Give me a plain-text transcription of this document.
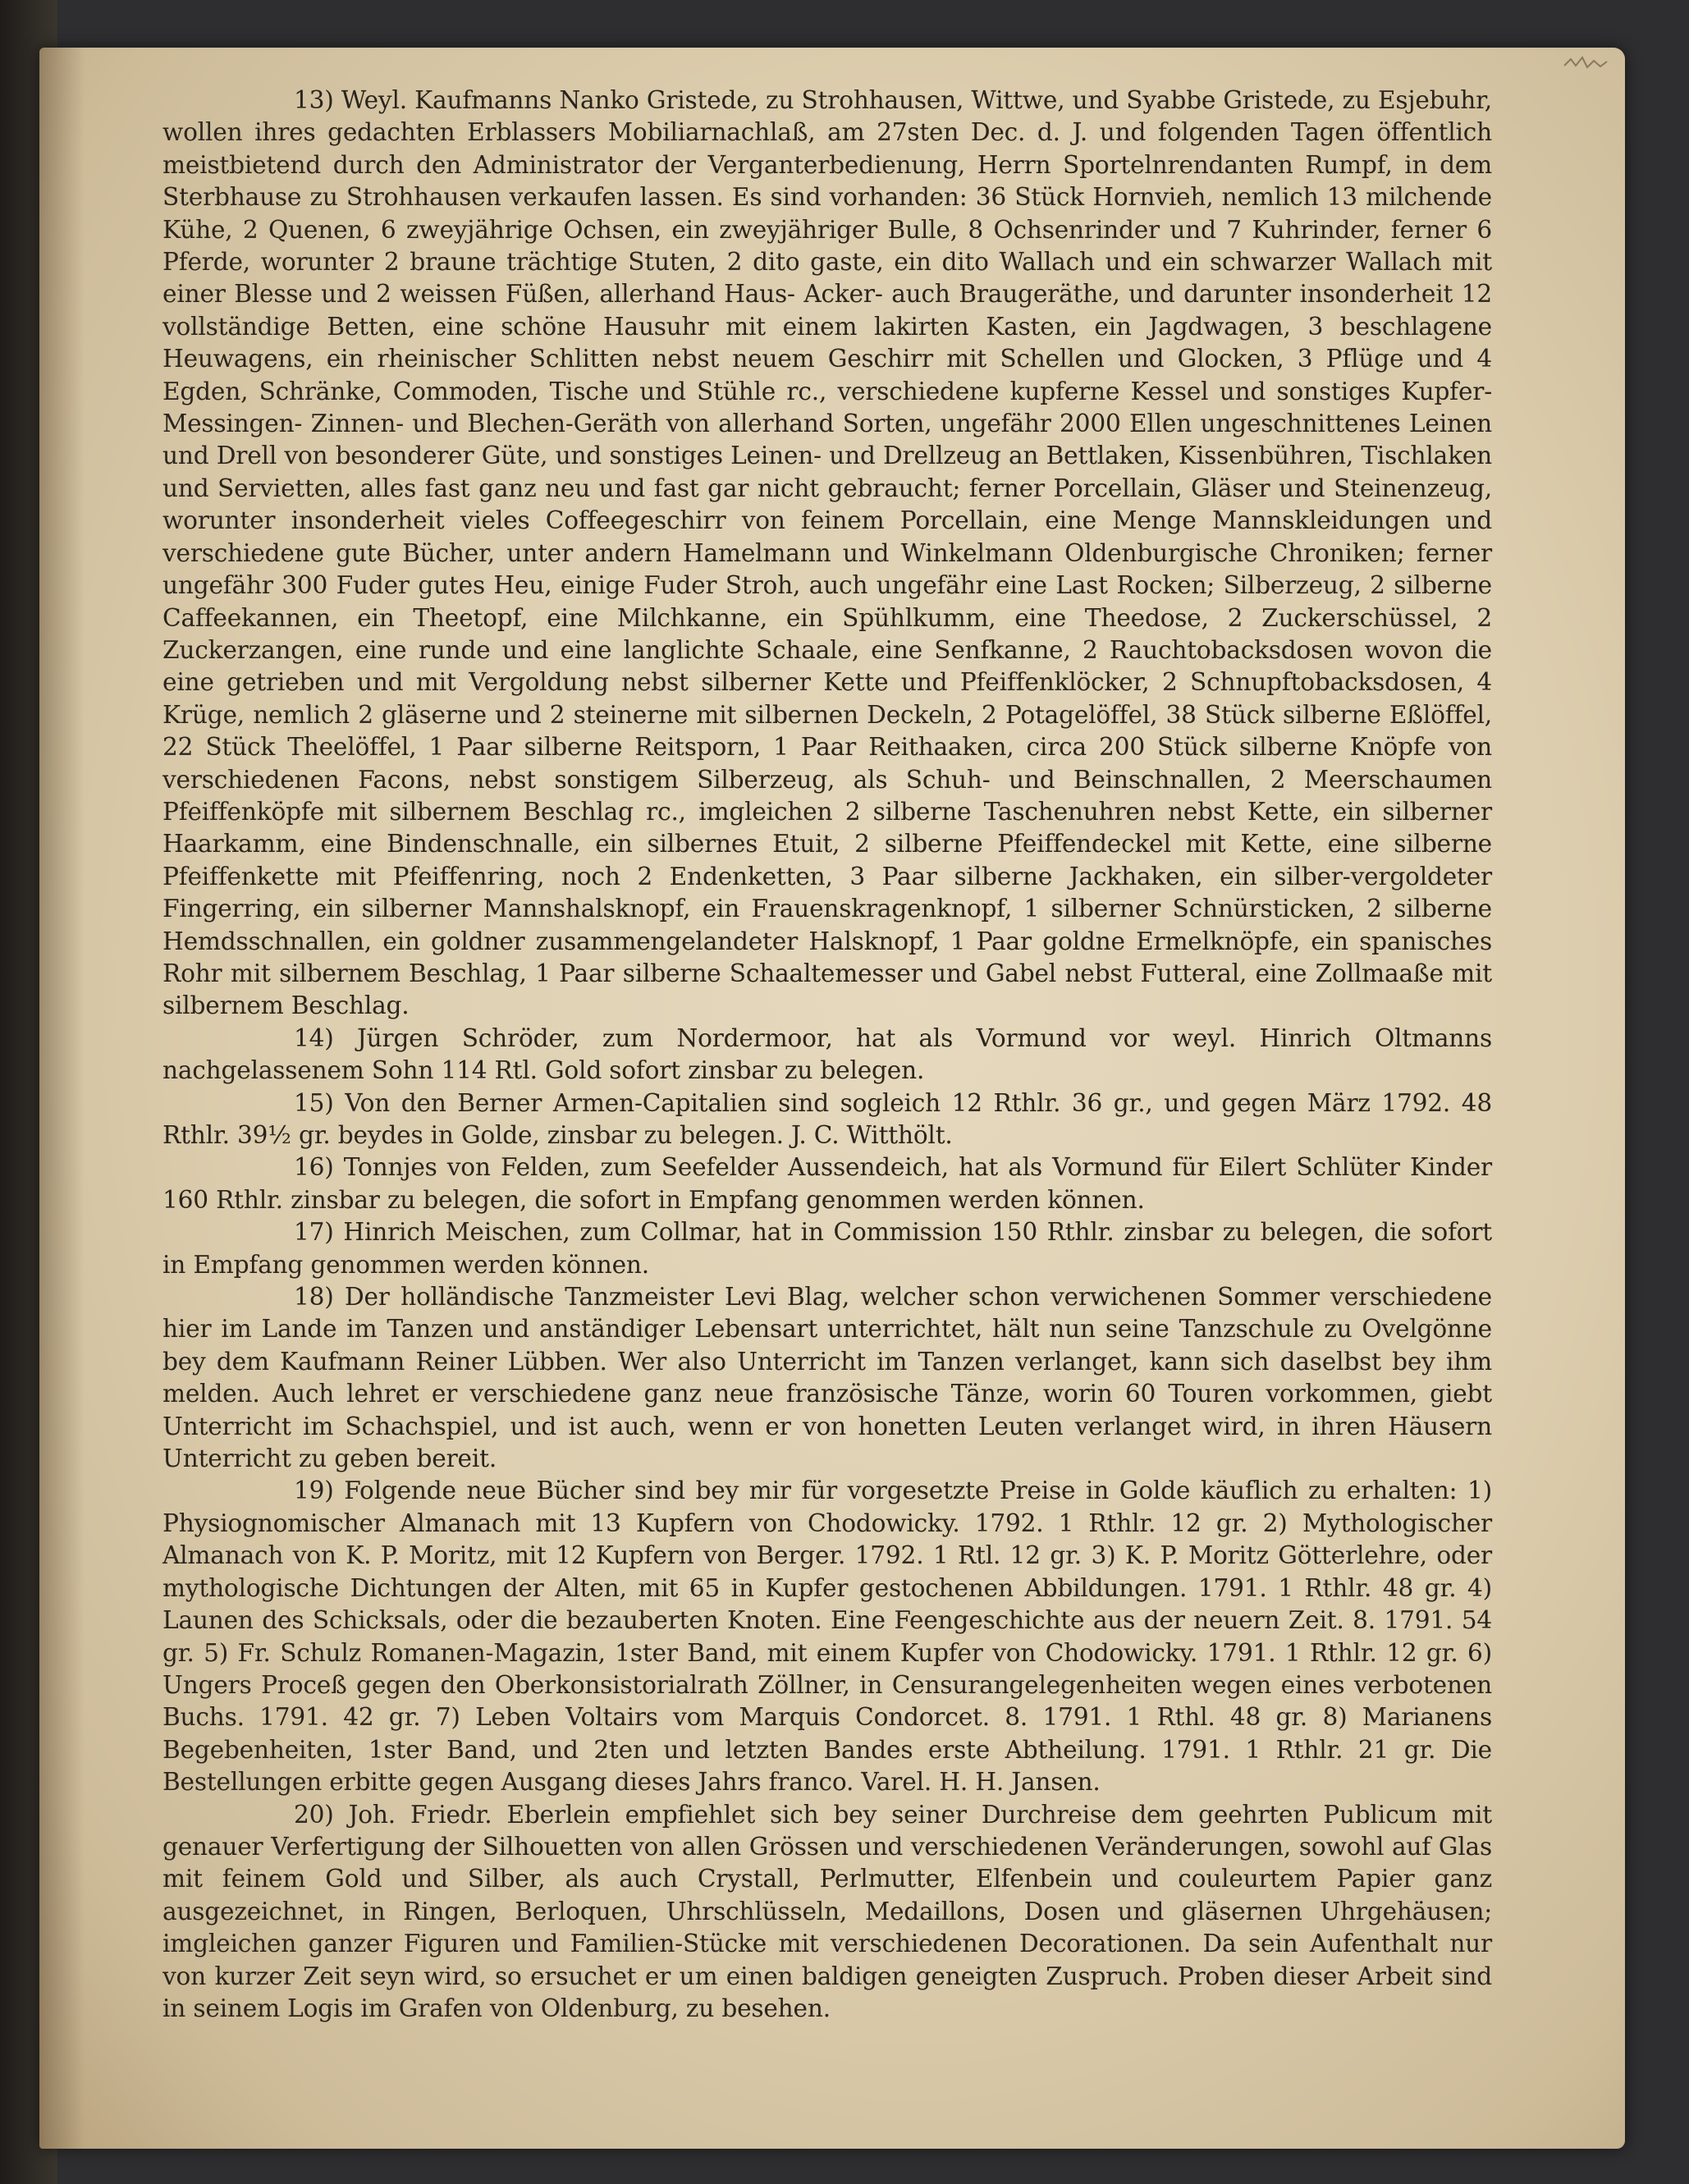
13) Weyl. Kaufmanns Nanko Gristede, zu Strohhausen, Wittwe, und Syabbe Gristede, zu Esjebuhr, wollen ihres gedachten Erblassers Mobiliarnachlaß, am 27sten Dec. d. J. und folgenden Tagen öffentlich meistbietend durch den Administrator der Verganterbedienung, Herrn Sportelnrendanten Rumpf, in dem Sterbhause zu Strohhausen verkaufen lassen. Es sind vorhanden: 36 Stück Hornvieh, nemlich 13 milchende Kühe, 2 Quenen, 6 zweyjährige Ochsen, ein zweyjähriger Bulle, 8 Ochsenrinder und 7 Kuhrinder, ferner 6 Pferde, worunter 2 braune trächtige Stuten, 2 dito gaste, ein dito Wallach und ein schwarzer Wallach mit einer Blesse und 2 weissen Füßen, allerhand Haus- Acker- auch Braugeräthe, und darunter insonderheit 12 vollständige Betten, eine schöne Hausuhr mit einem lakirten Kasten, ein Jagdwagen, 3 beschlagene Heuwagens, ein rheinischer Schlitten nebst neuem Geschirr mit Schellen und Glocken, 3 Pflüge und 4 Egden, Schränke, Commoden, Tische und Stühle rc., verschiedene kupferne Kessel und sonstiges Kupfer- Messingen- Zinnen- und Blechen-Geräth von allerhand Sorten, ungefähr 2000 Ellen ungeschnittenes Leinen und Drell von besonderer Güte, und sonstiges Leinen- und Drellzeug an Bettlaken, Kissenbühren, Tischlaken und Servietten, alles fast ganz neu und fast gar nicht gebraucht; ferner Porcellain, Gläser und Steinenzeug, worunter insonderheit vieles Coffeegeschirr von feinem Porcellain, eine Menge Mannskleidungen und verschiedene gute Bücher, unter andern Hamelmann und Winkelmann Oldenburgische Chroniken; ferner ungefähr 300 Fuder gutes Heu, einige Fuder Stroh, auch ungefähr eine Last Rocken; Silberzeug, 2 silberne Caffeekannen, ein Theetopf, eine Milchkanne, ein Spühlkumm, eine Theedose, 2 Zuckerschüssel, 2 Zuckerzangen, eine runde und eine langlichte Schaale, eine Senfkanne, 2 Rauchtobacksdosen wovon die eine getrieben und mit Vergoldung nebst silberner Kette und Pfeiffenklöcker, 2 Schnupftobacksdosen, 4 Krüge, nemlich 2 gläserne und 2 steinerne mit silbernen Deckeln, 2 Potagelöffel, 38 Stück silberne Eßlöffel, 22 Stück Theelöffel, 1 Paar silberne Reitsporn, 1 Paar Reithaaken, circa 200 Stück silberne Knöpfe von verschiedenen Facons, nebst sonstigem Silberzeug, als Schuh- und Beinschnallen, 2 Meerschaumen Pfeiffenköpfe mit silbernem Beschlag rc., imgleichen 2 silberne Taschenuhren nebst Kette, ein silberner Haarkamm, eine Bindenschnalle, ein silbernes Etuit, 2 silberne Pfeiffendeckel mit Kette, eine silberne Pfeiffenkette mit Pfeiffenring, noch 2 Endenketten, 3 Paar silberne Jackhaken, ein silber-vergoldeter Fingerring, ein silberner Mannshalsknopf, ein Frauenskragenknopf, 1 silberner Schnürsticken, 2 silberne Hemdsschnallen, ein goldner zusammengelandeter Halsknopf, 1 Paar goldne Ermelknöpfe, ein spanisches Rohr mit silbernem Beschlag, 1 Paar silberne Schaaltemesser und Gabel nebst Futteral, eine Zollmaaße mit silbernem Beschlag.

14) Jürgen Schröder, zum Nordermoor, hat als Vormund vor weyl. Hinrich Oltmanns nachgelassenem Sohn 114 Rtl. Gold sofort zinsbar zu belegen.

15) Von den Berner Armen-Capitalien sind sogleich 12 Rthlr. 36 gr., und gegen März 1792. 48 Rthlr. 39½ gr. beydes in Golde, zinsbar zu belegen. J. C. Witthölt.

16) Tonnjes von Felden, zum Seefelder Aussendeich, hat als Vormund für Eilert Schlüter Kinder 160 Rthlr. zinsbar zu belegen, die sofort in Empfang genommen werden können.

17) Hinrich Meischen, zum Collmar, hat in Commission 150 Rthlr. zinsbar zu belegen, die sofort in Empfang genommen werden können.

18) Der holländische Tanzmeister Levi Blag, welcher schon verwichenen Sommer verschiedene hier im Lande im Tanzen und anständiger Lebensart unterrichtet, hält nun seine Tanzschule zu Ovelgönne bey dem Kaufmann Reiner Lübben. Wer also Unterricht im Tanzen verlanget, kann sich daselbst bey ihm melden. Auch lehret er verschiedene ganz neue französische Tänze, worin 60 Touren vorkommen, giebt Unterricht im Schachspiel, und ist auch, wenn er von honetten Leuten verlanget wird, in ihren Häusern Unterricht zu geben bereit.

19) Folgende neue Bücher sind bey mir für vorgesetzte Preise in Golde käuflich zu erhalten: 1) Physiognomischer Almanach mit 13 Kupfern von Chodowicky. 1792. 1 Rthlr. 12 gr. 2) Mythologischer Almanach von K. P. Moritz, mit 12 Kupfern von Berger. 1792. 1 Rtl. 12 gr. 3) K. P. Moritz Götterlehre, oder mythologische Dichtungen der Alten, mit 65 in Kupfer gestochenen Abbildungen. 1791. 1 Rthlr. 48 gr. 4) Launen des Schicksals, oder die bezauberten Knoten. Eine Feengeschichte aus der neuern Zeit. 8. 1791. 54 gr. 5) Fr. Schulz Romanen-Magazin, 1ster Band, mit einem Kupfer von Chodowicky. 1791. 1 Rthlr. 12 gr. 6) Ungers Proceß gegen den Oberkonsistorialrath Zöllner, in Censurangelegenheiten wegen eines verbotenen Buchs. 1791. 42 gr. 7) Leben Voltairs vom Marquis Condorcet. 8. 1791. 1 Rthl. 48 gr. 8) Marianens Begebenheiten, 1ster Band, und 2ten und letzten Bandes erste Abtheilung. 1791. 1 Rthlr. 21 gr. Die Bestellungen erbitte gegen Ausgang dieses Jahrs franco. Varel. H. H. Jansen.

20) Joh. Friedr. Eberlein empfiehlet sich bey seiner Durchreise dem geehrten Publicum mit genauer Verfertigung der Silhouetten von allen Grössen und verschiedenen Veränderungen, sowohl auf Glas mit feinem Gold und Silber, als auch Crystall, Perlmutter, Elfenbein und couleurtem Papier ganz ausgezeichnet, in Ringen, Berloquen, Uhrschlüsseln, Medaillons, Dosen und gläsernen Uhrgehäusen; imgleichen ganzer Figuren und Familien-Stücke mit verschiedenen Decorationen. Da sein Aufenthalt nur von kurzer Zeit seyn wird, so ersuchet er um einen baldigen geneigten Zuspruch. Proben dieser Arbeit sind in seinem Logis im Grafen von Oldenburg, zu besehen.
